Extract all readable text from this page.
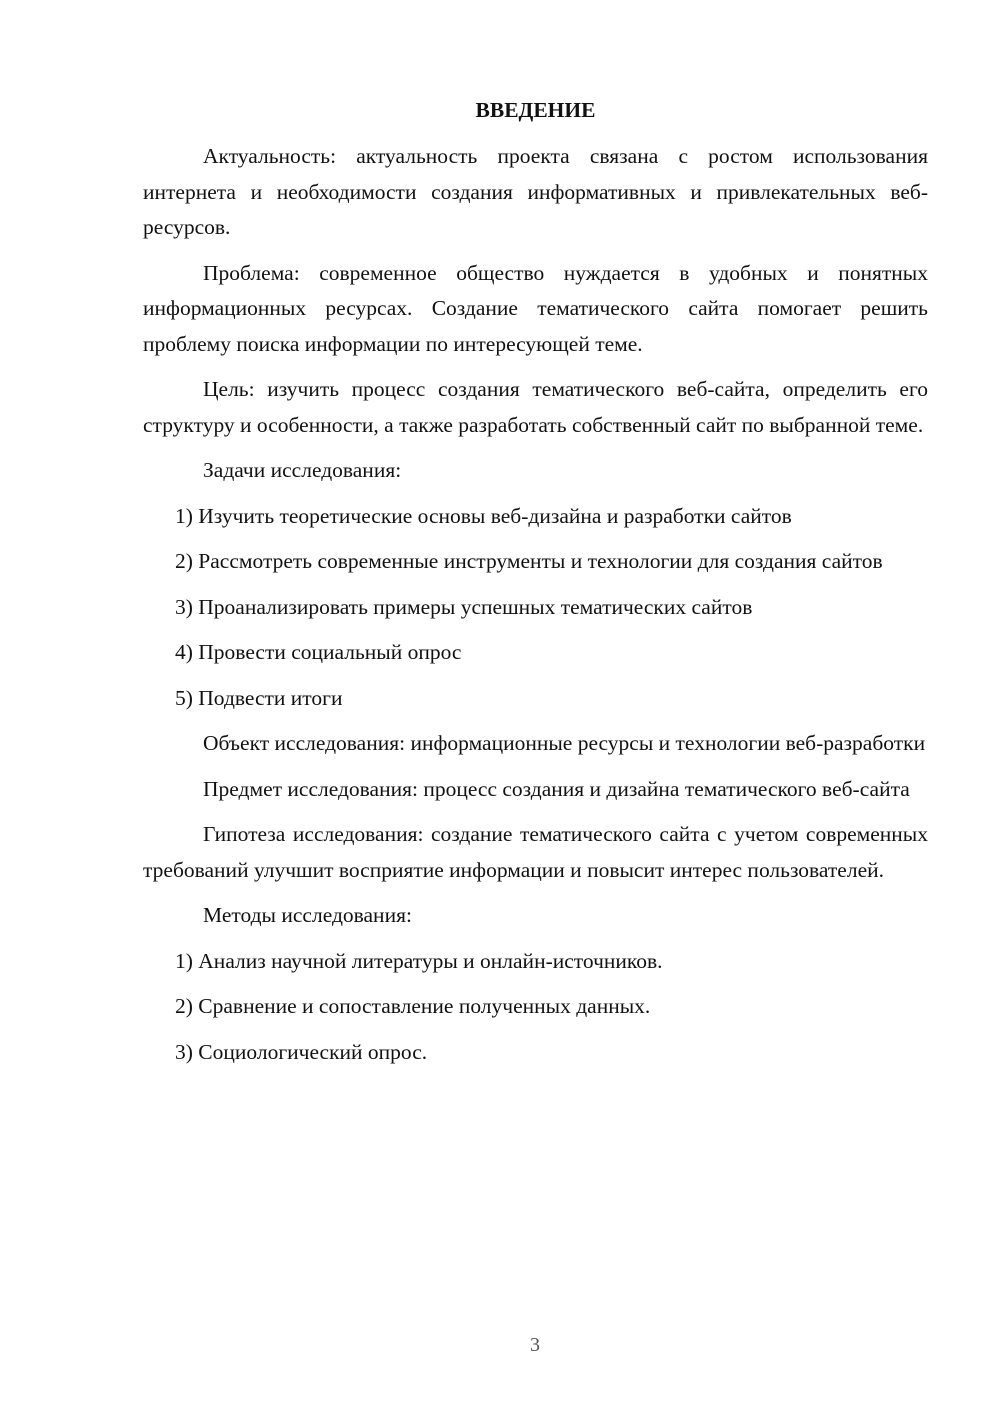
ВВЕДЕНИЕ

Актуальность: актуальность проекта связана с ростом использования интернета и необходимости создания информативных и привлекательных веб-ресурсов.

Проблема: современное общество нуждается в удобных и понятных информационных ресурсах. Создание тематического сайта помогает решить проблему поиска информации по интересующей теме.

Цель: изучить процесс создания тематического веб-сайта, определить его структуру и особенности, а также разработать собственный сайт по выбранной теме.

Задачи исследования:

1) Изучить теоретические основы веб-дизайна и разработки сайтов

2) Рассмотреть современные инструменты и технологии для создания сайтов

3) Проанализировать примеры успешных тематических сайтов

4) Провести социальный опрос

5) Подвести итоги

Объект исследования: информационные ресурсы и технологии веб-разработки

Предмет исследования: процесс создания и дизайна тематического веб-сайта

Гипотеза исследования: создание тематического сайта с учетом современных требований улучшит восприятие информации и повысит интерес пользователей.

Методы исследования:

1) Анализ научной литературы и онлайн-источников.

2) Сравнение и сопоставление полученных данных.

3) Социологический опрос.

3
